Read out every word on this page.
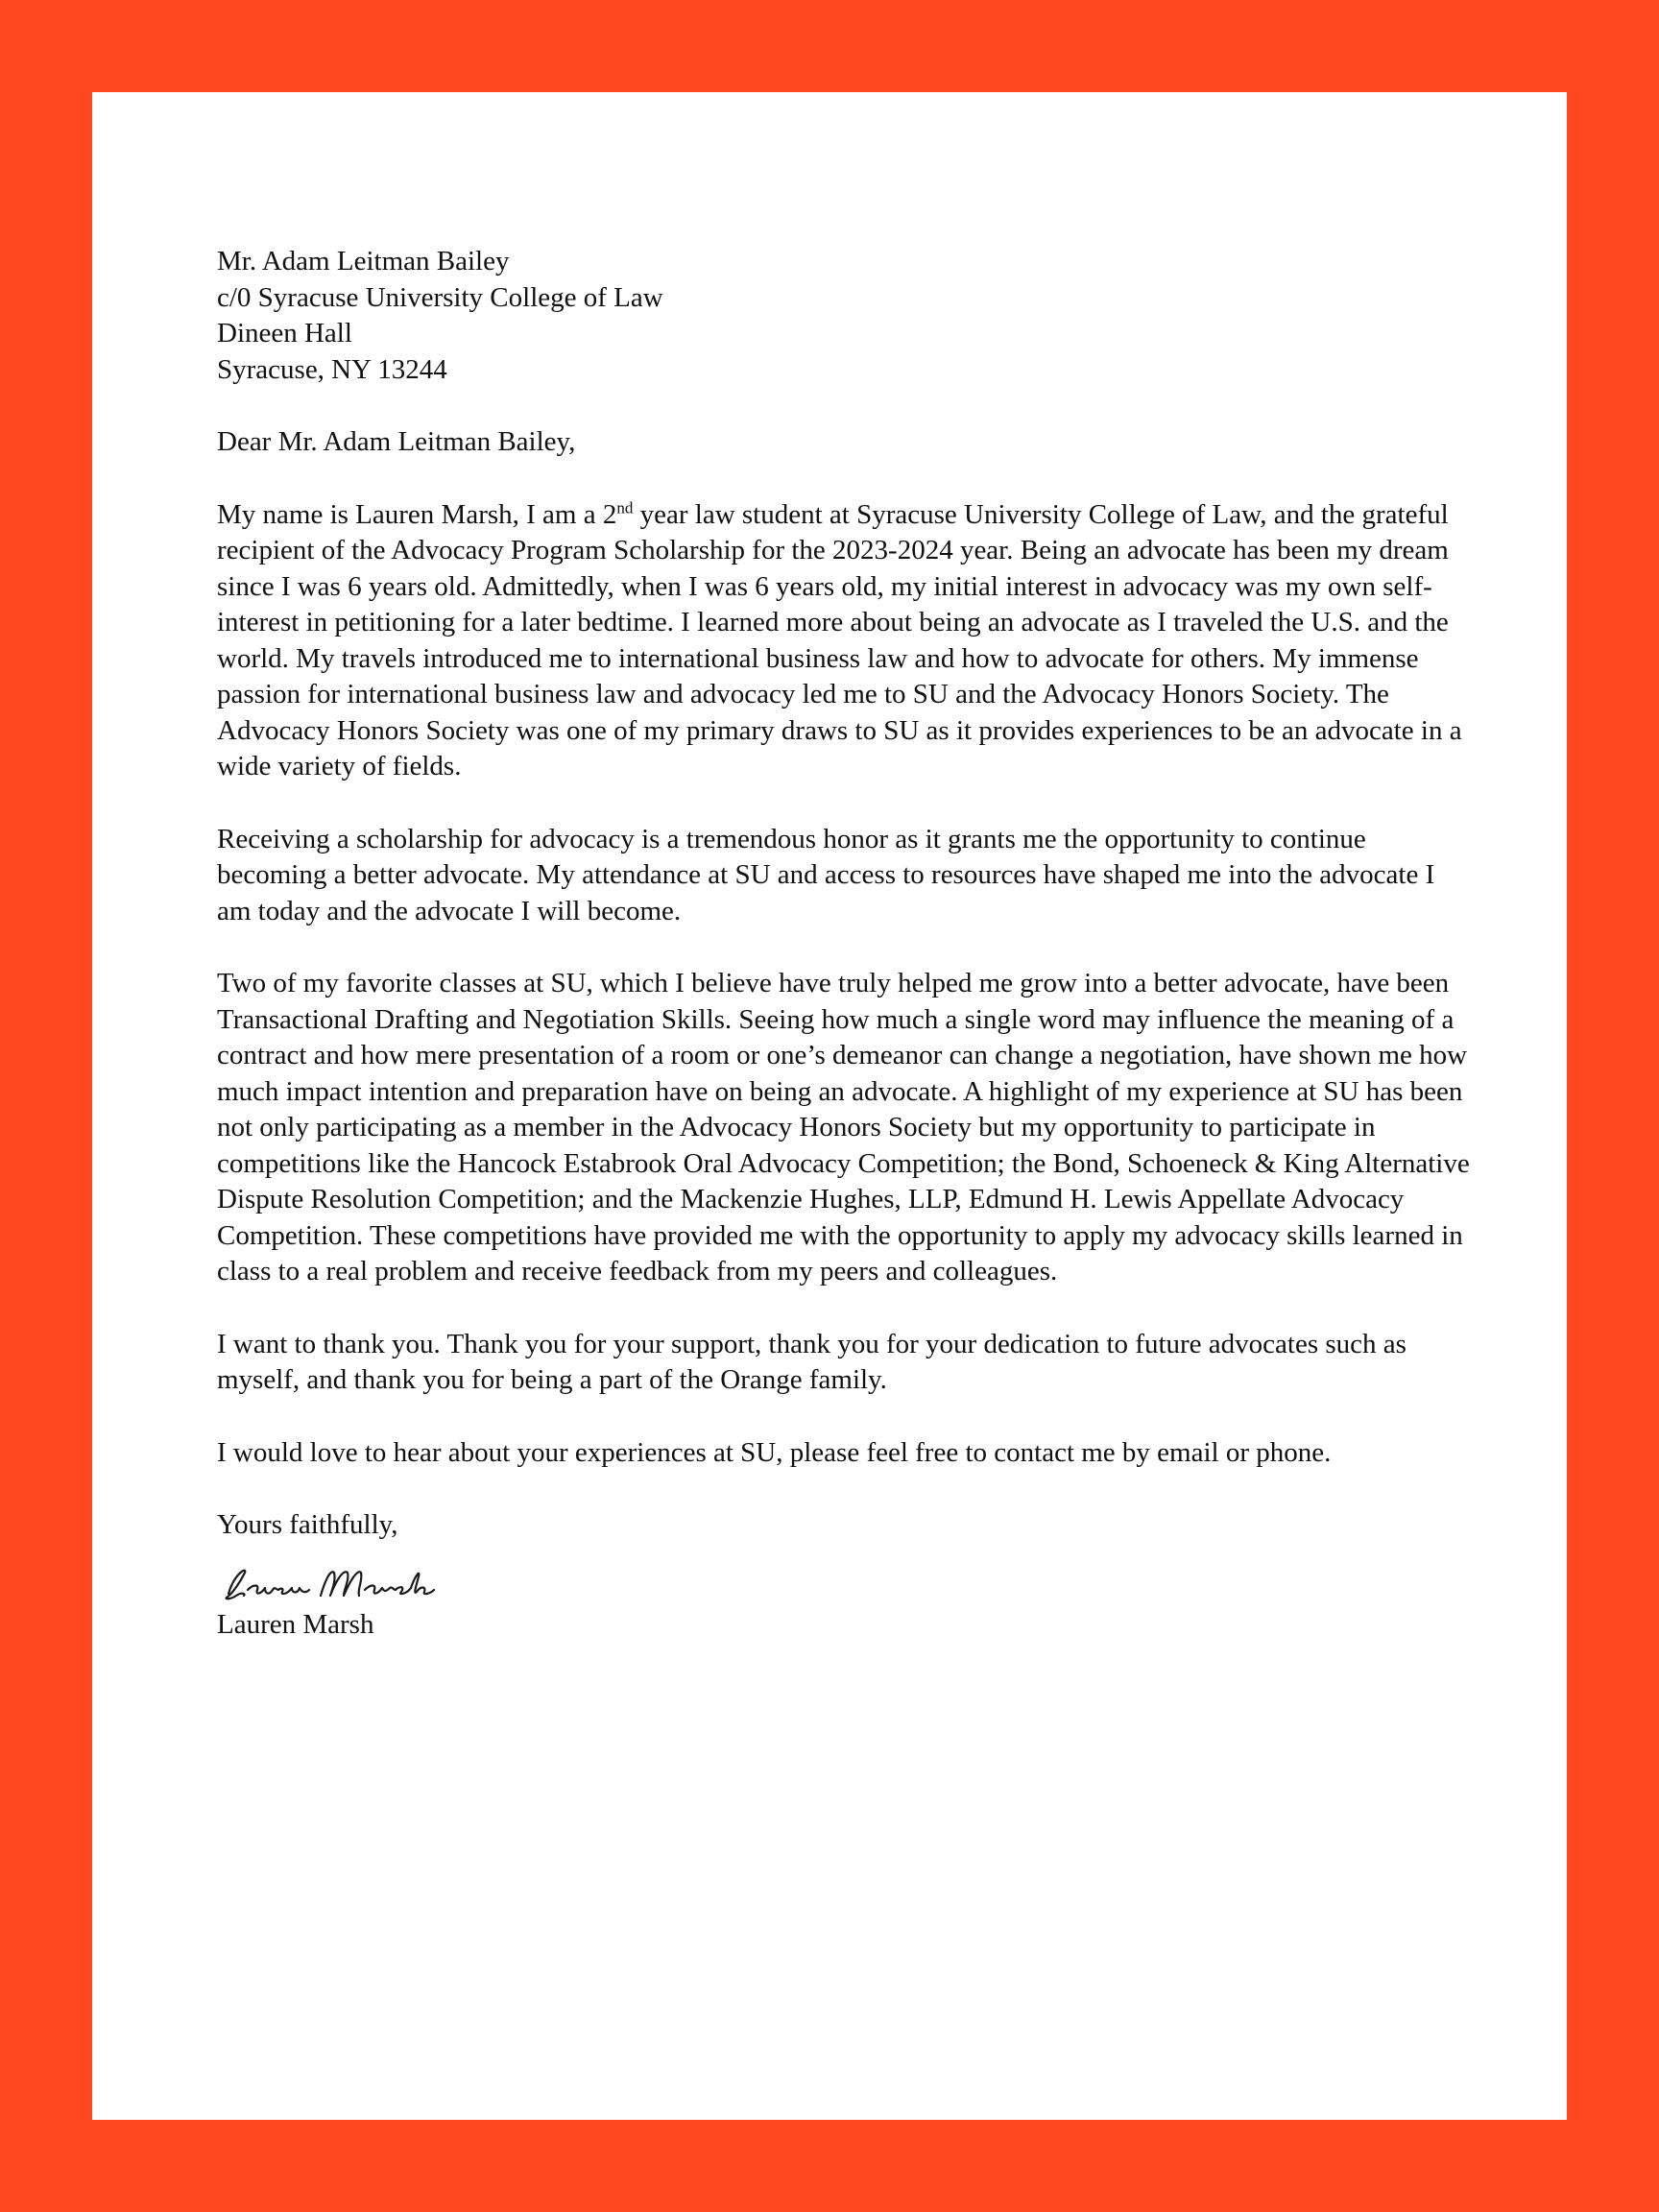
Mr. Adam Leitman Bailey

c/0 Syracuse University College of Law

Dineen Hall

Syracuse, NY 13244

Dear Mr. Adam Leitman Bailey,

My name is Lauren Marsh, I am a 2nd year law student at Syracuse University College of Law, and the grateful recipient of the Advocacy Program Scholarship for the 2023-2024 year. Being an advocate has been my dream since I was 6 years old. Admittedly, when I was 6 years old, my initial interest in advocacy was my own self-interest in petitioning for a later bedtime. I learned more about being an advocate as I traveled the U.S. and the world. My travels introduced me to international business law and how to advocate for others. My immense passion for international business law and advocacy led me to SU and the Advocacy Honors Society. The Advocacy Honors Society was one of my primary draws to SU as it provides experiences to be an advocate in a wide variety of fields.

Receiving a scholarship for advocacy is a tremendous honor as it grants me the opportunity to continue becoming a better advocate. My attendance at SU and access to resources have shaped me into the advocate I am today and the advocate I will become.

Two of my favorite classes at SU, which I believe have truly helped me grow into a better advocate, have been Transactional Drafting and Negotiation Skills. Seeing how much a single word may influence the meaning of a contract and how mere presentation of a room or one’s demeanor can change a negotiation, have shown me how much impact intention and preparation have on being an advocate. A highlight of my experience at SU has been not only participating as a member in the Advocacy Honors Society but my opportunity to participate in competitions like the Hancock Estabrook Oral Advocacy Competition; the Bond, Schoeneck & King Alternative Dispute Resolution Competition; and the Mackenzie Hughes, LLP, Edmund H. Lewis Appellate Advocacy Competition. These competitions have provided me with the opportunity to apply my advocacy skills learned in class to a real problem and receive feedback from my peers and colleagues.

I want to thank you. Thank you for your support, thank you for your dedication to future advocates such as myself, and thank you for being a part of the Orange family.

I would love to hear about your experiences at SU, please feel free to contact me by email or phone.

Yours faithfully,

Lauren Marsh
